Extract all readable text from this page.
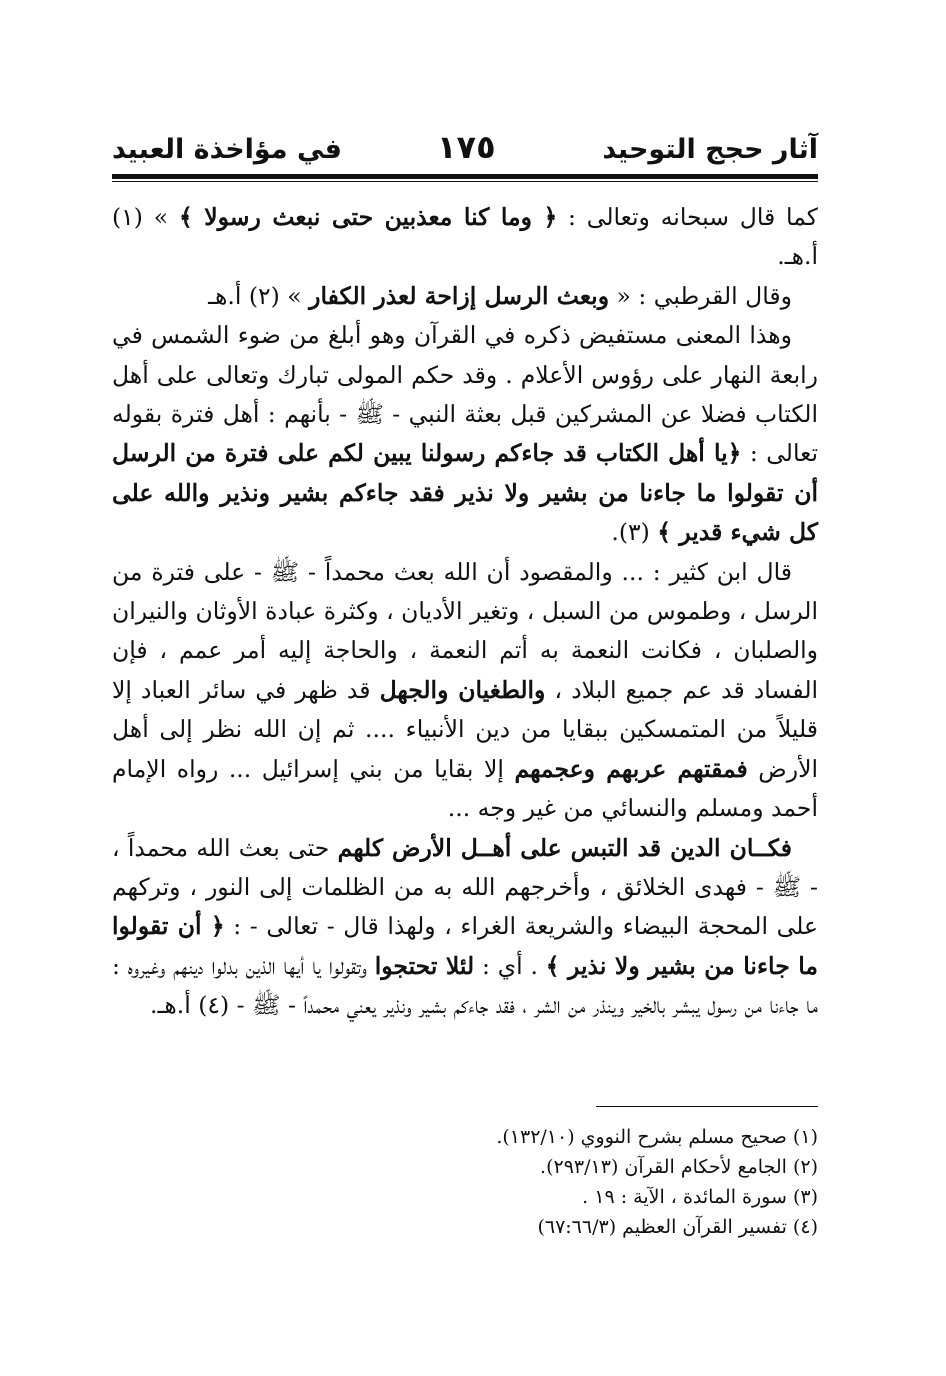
آثار حجج التوحيد
١٧٥
في مؤاخذة العبيد

كما قال سبحانه وتعالى : ﴿ وما كنا معذبين حتى نبعث رسولا ﴾ » (١) أ.هـ.

وقال القرطبي : « وبعث الرسل إزاحة لعذر الكفار » (٢) أ.هـ

وهذا المعنى مستفيض ذكره في القرآن وهو أبلغ من ضوء الشمس في رابعة النهار على رؤوس الأعلام . وقد حكم المولى تبارك وتعالى على أهل الكتاب فضلا عن المشركين قبل بعثة النبي - ﷺ - بأنهم : أهل فترة بقوله تعالى : ﴿يا أهل الكتاب قد جاءكم رسولنا يبين لكم على فترة من الرسل أن تقولوا ما جاءنا من بشير ولا نذير فقد جاءكم بشير ونذير والله على كل شيء قدير ﴾ (٣).

قال ابن كثير : ... والمقصود أن الله بعث محمداً - ﷺ - على فترة من الرسل ، وطموس من السبل ، وتغير الأديان ، وكثرة عبادة الأوثان والنيران والصلبان ، فكانت النعمة به أتم النعمة ، والحاجة إليه أمر عمم ، فإن الفساد قد عم جميع البلاد ، والطغيان والجهل قد ظهر في سائر العباد إلا قليلاً من المتمسكين ببقايا من دين الأنبياء .... ثم إن الله نظر إلى أهل الأرض فمقتهم عربهم وعجمهم إلا بقايا من بني إسرائيل ... رواه الإمام أحمد ومسلم والنسائي من غير وجه ...

فكــان الدين قد التبس على أهــل الأرض كلهم حتى بعث الله محمداً ، - ﷺ - فهدى الخلائق ، وأخرجهم الله به من الظلمات إلى النور ، وتركهم على المحجة البيضاء والشريعة الغراء ، ولهذا قال - تعالى - : ﴿ أن تقولوا ما جاءنا من بشير ولا نذير ﴾ . أي : لئلا تحتجوا وتقولوا يا أيها الذين بدلوا دينهم وغيروه : ما جاءنا من رسول يبشر بالخير وينذر من الشر ، فقد جاءكم بشير ونذير يعني محمداً - ﷺ - (٤) أ.هـ.

(١) صحيح مسلم بشرح النووي (١٣٢/١٠).
(٢) الجامع لأحكام القرآن (٢٩٣/١٣).
(٣) سورة المائدة ، الآية : ١٩ .
(٤) تفسير القرآن العظيم (٦٧:٦٦/٣)
